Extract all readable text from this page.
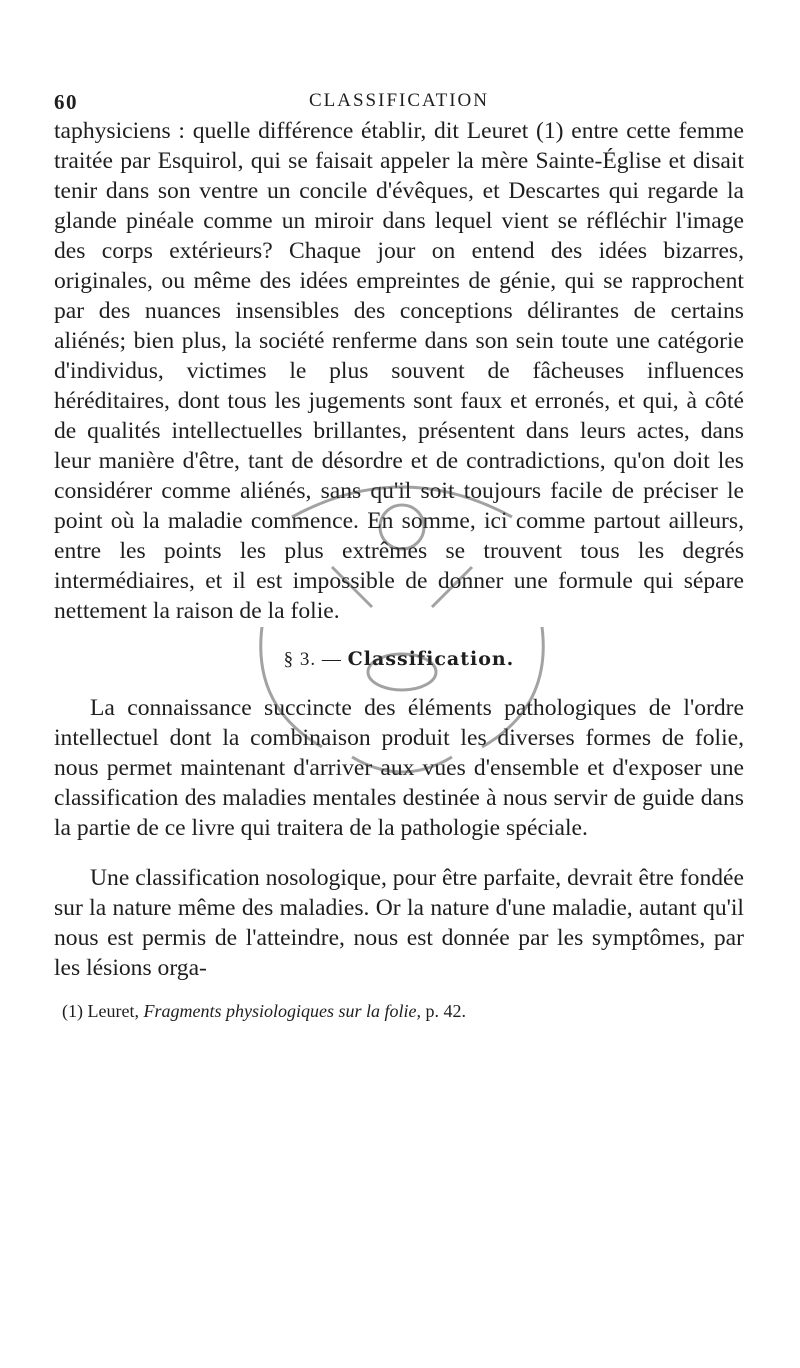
60	CLASSIFICATION

taphysiciens : quelle différence établir, dit Leuret (1) entre cette femme traitée par Esquirol, qui se faisait appeler la mère Sainte-Église et disait tenir dans son ventre un concile d'évêques, et Descartes qui regarde la glande pinéale comme un miroir dans lequel vient se réfléchir l'image des corps extérieurs? Chaque jour on entend des idées bizarres, originales, ou même des idées empreintes de génie, qui se rapprochent par des nuances insensibles des conceptions délirantes de certains aliénés; bien plus, la société renferme dans son sein toute une catégorie d'individus, victimes le plus souvent de fâcheuses influences héréditaires, dont tous les jugements sont faux et erronés, et qui, à côté de qualités intellectuelles brillantes, présentent dans leurs actes, dans leur manière d'être, tant de désordre et de contradictions, qu'on doit les considérer comme aliénés, sans qu'il soit toujours facile de préciser le point où la maladie commence. En somme, ici comme partout ailleurs, entre les points les plus extrêmes se trouvent tous les degrés intermédiaires, et il est impossible de donner une formule qui sépare nettement la raison de la folie.

§ 3. — Classification.

La connaissance succincte des éléments pathologiques de l'ordre intellectuel dont la combinaison produit les diverses formes de folie, nous permet maintenant d'arriver aux vues d'ensemble et d'exposer une classification des maladies mentales destinée à nous servir de guide dans la partie de ce livre qui traitera de la pathologie spéciale.

Une classification nosologique, pour être parfaite, devrait être fondée sur la nature même des maladies. Or la nature d'une maladie, autant qu'il nous est permis de l'atteindre, nous est donnée par les symptômes, par les lésions orga-

(1) Leuret, Fragments physiologiques sur la folie, p. 42.
